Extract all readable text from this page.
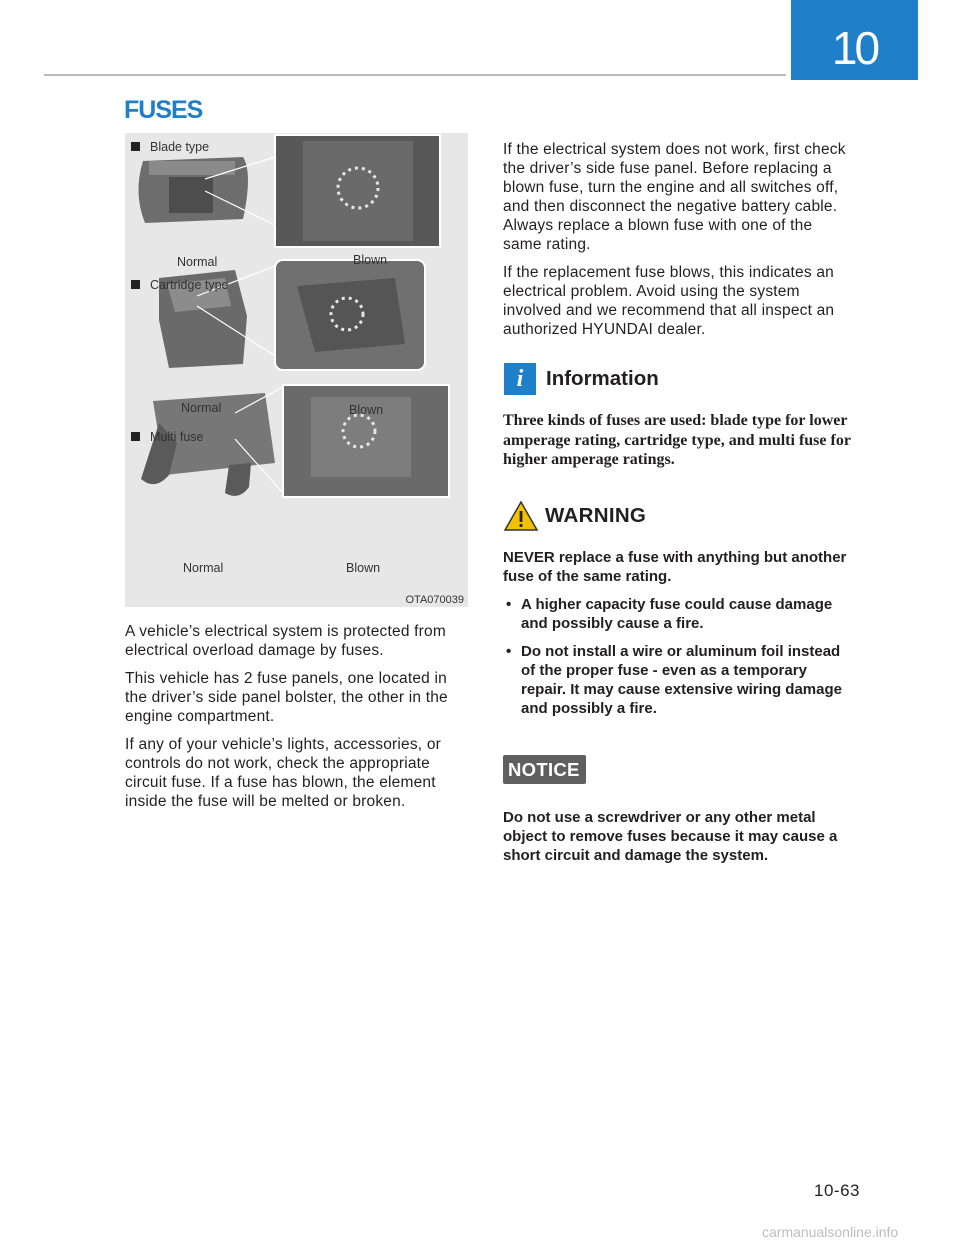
10
FUSES
Blade type

Normal	Blown
Cartridge type

Normal	Blown
Multi fuse
Normal	Blown
OTA070039

A vehicle’s electrical system is protected from electrical overload damage by fuses.

This vehicle has 2 fuse panels, one located in the driver’s side panel bolster, the other in the engine compartment.

If any of your vehicle’s lights, accessories, or controls do not work, check the appropriate circuit fuse. If a fuse has blown, the element inside the fuse will be melted or broken.

If the electrical system does not work, first check the driver’s side fuse panel. Before replacing a blown fuse, turn the engine and all switches off, and then disconnect the negative battery cable. Always replace a blown fuse with one of the same rating.

If the replacement fuse blows, this indicates an electrical problem. Avoid using the system involved and we recommend that all inspect an authorized HYUNDAI dealer.

i	Information

Three kinds of fuses are used: blade type for lower amperage rating, cartridge type, and multi fuse for higher amperage ratings.

WARNING

NEVER replace a fuse with anything but another fuse of the same rating.

• A higher capacity fuse could cause damage and possibly cause a fire.
• Do not install a wire or aluminum foil instead of the proper fuse - even as a temporary repair. It may cause extensive wiring damage and possibly a fire.
NOTICE

Do not use a screwdriver or any other metal object to remove fuses because it may cause a short circuit and damage the system.

10-63
carmanualsonline.info
